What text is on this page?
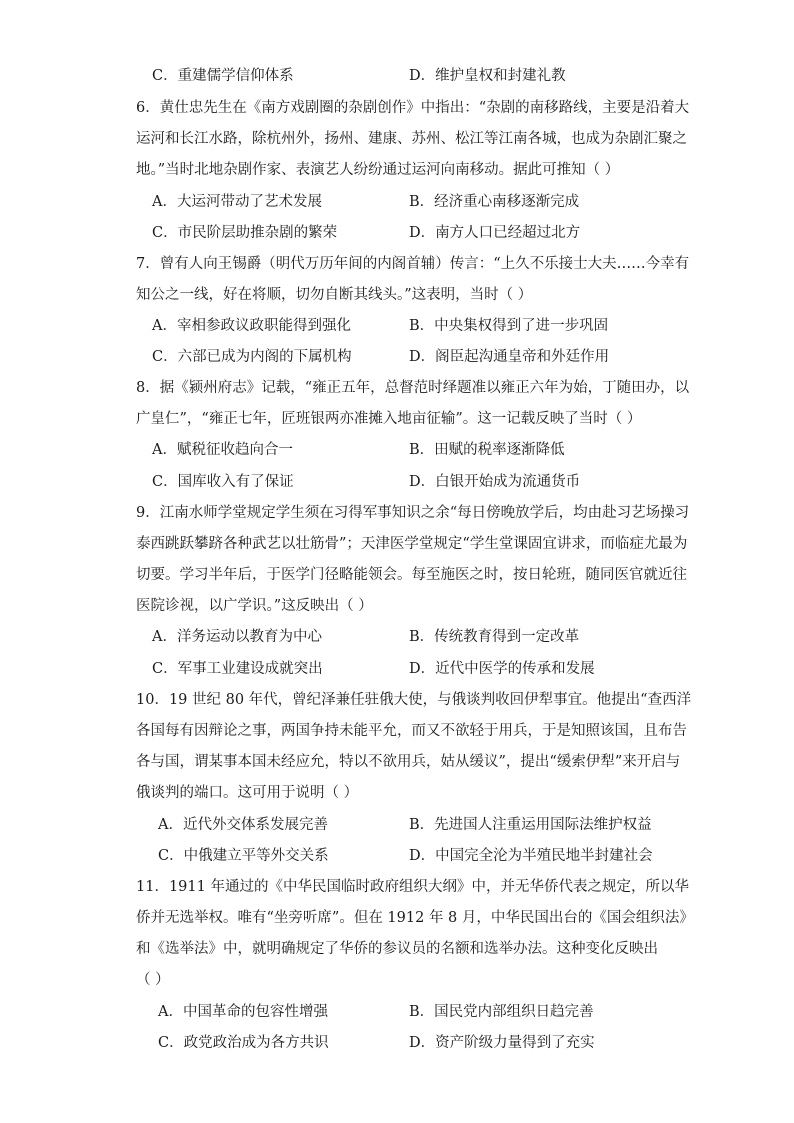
C．重建儒学信仰体系	D．维护皇权和封建礼教
6．黄仕忠先生在《南方戏剧圈的杂剧创作》中指出：“杂剧的南移路线，主要是沿着大
运河和长江水路，除杭州外，扬州、建康、苏州、松江等江南各城，也成为杂剧汇聚之
地。”当时北地杂剧作家、表演艺人纷纷通过运河向南移动。据此可推知（ ）
A．大运河带动了艺术发展	B．经济重心南移逐渐完成
C．市民阶层助推杂剧的繁荣	D．南方人口已经超过北方
7．曾有人向王锡爵（明代万历年间的内阁首辅）传言：“上久不乐接士大夫……今幸有
知公之一线，好在将顺，切勿自断其线头。”这表明，当时（ ）
A．宰相参政议政职能得到强化	B．中央集权得到了进一步巩固
C．六部已成为内阁的下属机构	D．阁臣起沟通皇帝和外廷作用
8．据《颍州府志》记载，“雍正五年，总督范时绎题准以雍正六年为始，丁随田办，以
广皇仁”，“雍正七年，匠班银两亦准摊入地亩征输”。这一记载反映了当时（ ）
A．赋税征收趋向合一	B．田赋的税率逐渐降低
C．国库收入有了保证	D．白银开始成为流通货币
9．江南水师学堂规定学生须在习得军事知识之余“每日傍晚放学后，均由赴习艺场操习
泰西跳跃攀跻各种武艺以壮筋骨”；天津医学堂规定“学生堂课固宜讲求，而临症尤最为
切要。学习半年后，于医学门径略能领会。每至施医之时，按日轮班，随同医官就近往
医院诊视，以广学识。”这反映出（ ）
A．洋务运动以教育为中心	B．传统教育得到一定改革
C．军事工业建设成就突出	D．近代中医学的传承和发展
10．19 世纪 80 年代，曾纪泽兼任驻俄大使，与俄谈判收回伊犁事宜。他提出“查西洋
各国每有因辩论之事，两国争持未能平允，而又不欲轻于用兵，于是知照该国，且布告
各与国，谓某事本国未经应允，特以不欲用兵，姑从缓议”，提出“缓索伊犁”来开启与
俄谈判的端口。这可用于说明（ ）
A．近代外交体系发展完善	B．先进国人注重运用国际法维护权益
C．中俄建立平等外交关系	D．中国完全沦为半殖民地半封建社会
11．1911 年通过的《中华民国临时政府组织大纲》中，并无华侨代表之规定，所以华
侨并无选举权。唯有“坐旁听席”。但在 1912 年 8 月，中华民国出台的《国会组织法》
和《选举法》中，就明确规定了华侨的参议员的名额和选举办法。这种变化反映出
（ ）
A．中国革命的包容性增强	B．国民党内部组织日趋完善
C．政党政治成为各方共识	D．资产阶级力量得到了充实
